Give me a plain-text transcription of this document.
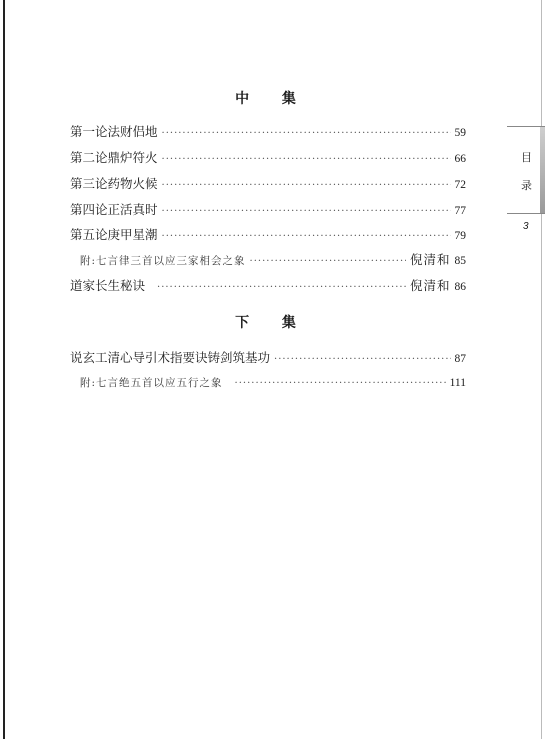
中 集
第一论 法财侣地 ·····	59
第二论 鼎炉符火 ·····	66
第三论 药物火候 ·····	72
第四论 正活真时 ·····	77
第五论 庚甲星潮 ·····	79
附:七言律三首以应三家相会之象 ·····	倪清和 85
道家长生秘诀 ·····	倪清和 86
下 集
说玄工清心导引术指要诀铸剑筑基功 ·····	87
附:七言绝五首以应五行之象 ·····	111
目
录
3
